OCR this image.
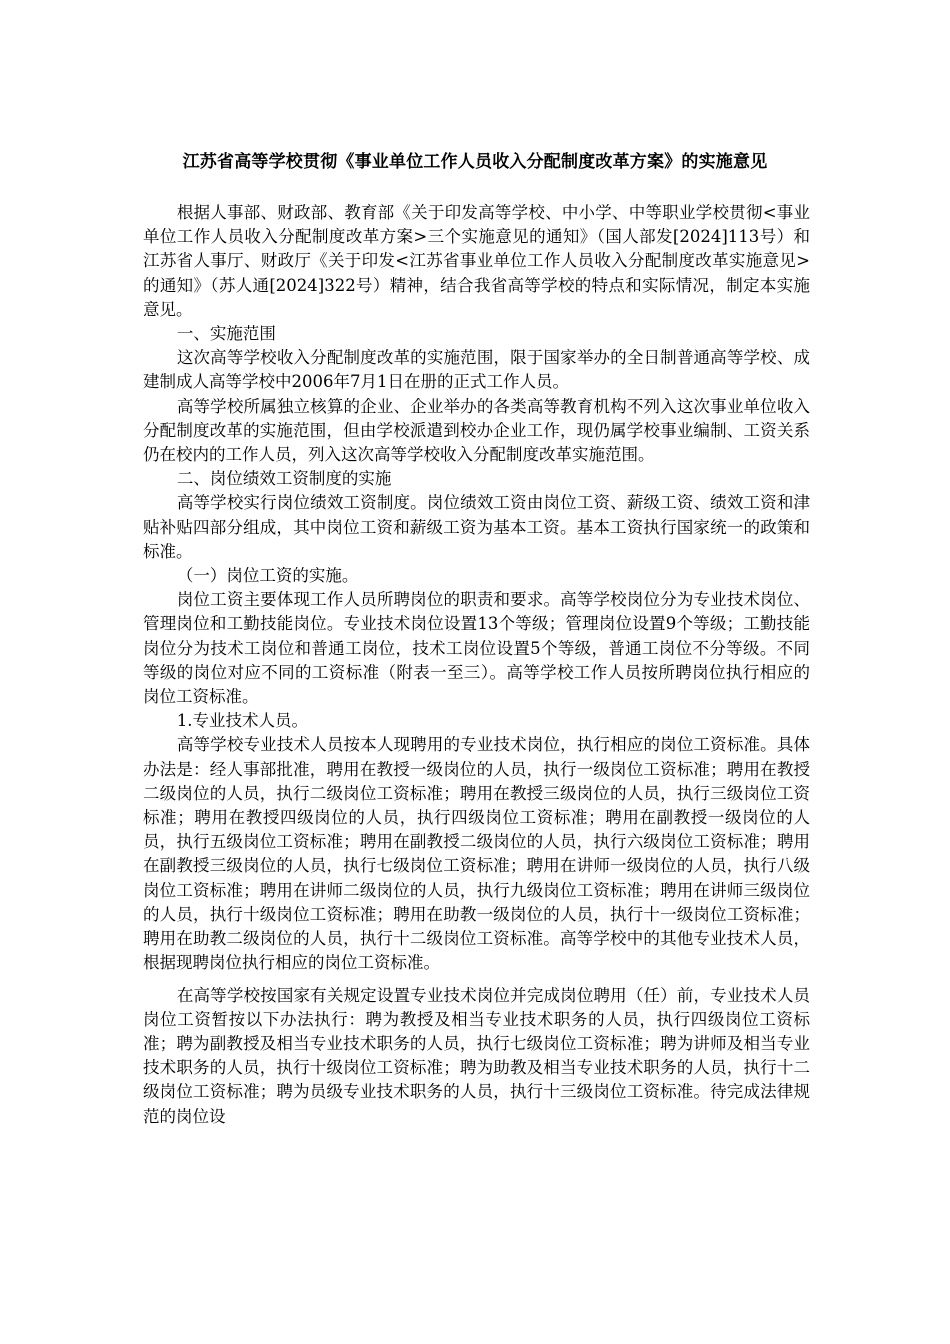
江苏省高等学校贯彻《事业单位工作人员收入分配制度改革方案》的实施意见

根据人事部、财政部、教育部《关于印发高等学校、中小学、中等职业学校贯彻<事业单位工作人员收入分配制度改革方案>三个实施意见的通知》（国人部发[2024]113号）和江苏省人事厅、财政厅《关于印发<江苏省事业单位工作人员收入分配制度改革实施意见>的通知》（苏人通[2024]322号）精神，结合我省高等学校的特点和实际情况，制定本实施意见。

一、实施范围

这次高等学校收入分配制度改革的实施范围，限于国家举办的全日制普通高等学校、成建制成人高等学校中2006年7月1日在册的正式工作人员。

高等学校所属独立核算的企业、企业举办的各类高等教育机构不列入这次事业单位收入分配制度改革的实施范围，但由学校派遣到校办企业工作，现仍属学校事业编制、工资关系仍在校内的工作人员，列入这次高等学校收入分配制度改革实施范围。

二、岗位绩效工资制度的实施

高等学校实行岗位绩效工资制度。岗位绩效工资由岗位工资、薪级工资、绩效工资和津贴补贴四部分组成，其中岗位工资和薪级工资为基本工资。基本工资执行国家统一的政策和标准。

（一）岗位工资的实施。

岗位工资主要体现工作人员所聘岗位的职责和要求。高等学校岗位分为专业技术岗位、管理岗位和工勤技能岗位。专业技术岗位设置13个等级；管理岗位设置9个等级；工勤技能岗位分为技术工岗位和普通工岗位，技术工岗位设置5个等级，普通工岗位不分等级。不同等级的岗位对应不同的工资标准（附表一至三）。高等学校工作人员按所聘岗位执行相应的岗位工资标准。

1.专业技术人员。

高等学校专业技术人员按本人现聘用的专业技术岗位，执行相应的岗位工资标准。具体办法是：经人事部批准，聘用在教授一级岗位的人员，执行一级岗位工资标准；聘用在教授二级岗位的人员，执行二级岗位工资标准；聘用在教授三级岗位的人员，执行三级岗位工资标准；聘用在教授四级岗位的人员，执行四级岗位工资标准；聘用在副教授一级岗位的人员，执行五级岗位工资标准；聘用在副教授二级岗位的人员，执行六级岗位工资标准；聘用在副教授三级岗位的人员，执行七级岗位工资标准；聘用在讲师一级岗位的人员，执行八级岗位工资标准；聘用在讲师二级岗位的人员，执行九级岗位工资标准；聘用在讲师三级岗位的人员，执行十级岗位工资标准；聘用在助教一级岗位的人员，执行十一级岗位工资标准；聘用在助教二级岗位的人员，执行十二级岗位工资标准。高等学校中的其他专业技术人员，根据现聘岗位执行相应的岗位工资标准。

在高等学校按国家有关规定设置专业技术岗位并完成岗位聘用（任）前，专业技术人员岗位工资暂按以下办法执行：聘为教授及相当专业技术职务的人员，执行四级岗位工资标准；聘为副教授及相当专业技术职务的人员，执行七级岗位工资标准；聘为讲师及相当专业技术职务的人员，执行十级岗位工资标准；聘为助教及相当专业技术职务的人员，执行十二级岗位工资标准；聘为员级专业技术职务的人员，执行十三级岗位工资标准。待完成法律规范的岗位设
